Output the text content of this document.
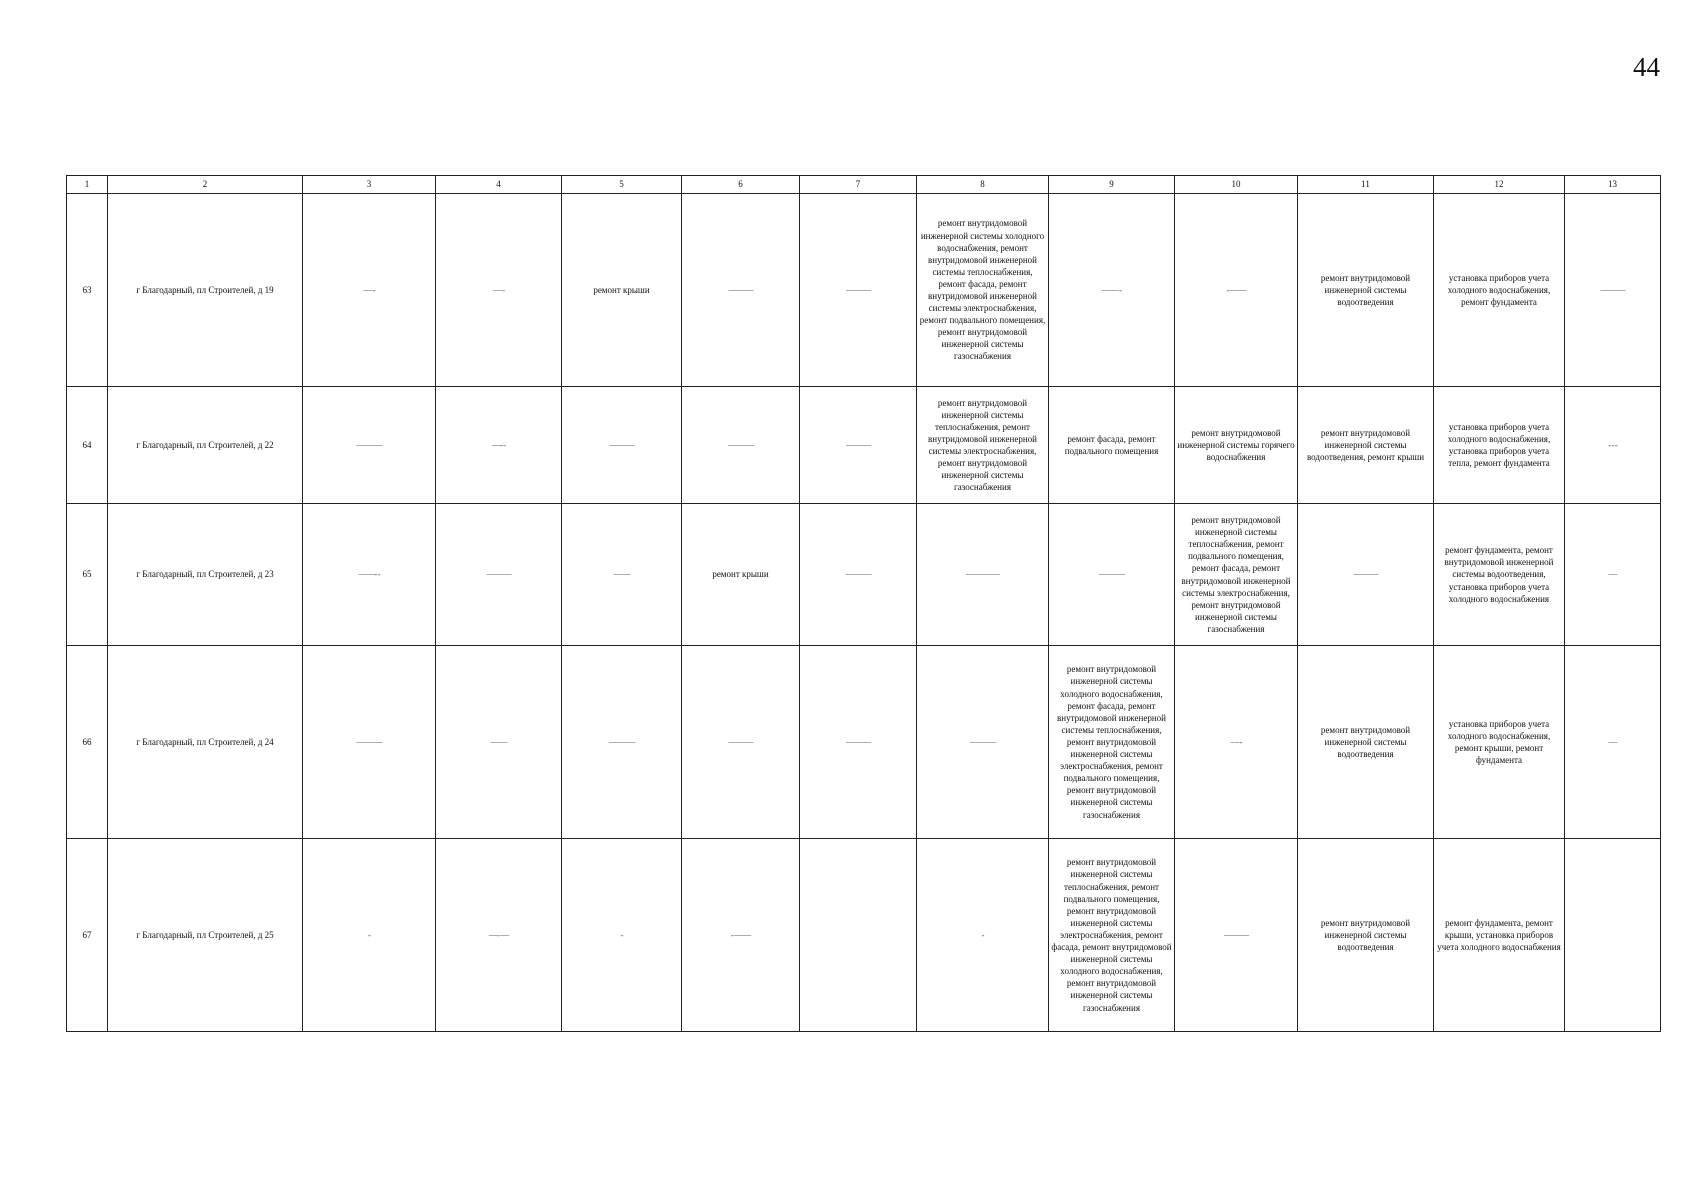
44
1	2	3	4	5	6	7	8	9	10	11	12	13
63	г Благодарный, пл Строителей, д 19	— -	— -	ремонт крыши	———	———	ремонт внутридомовой инженерной системы холодного водоснабжения, ремонт внутридомовой инженерной системы теплоснабжения, ремонт фасада, ремонт внутридомовой инженерной системы электроснабжения, ремонт подвального помещения, ремонт внутридомовой инженерной системы газоснабжения	—— -	- ——	ремонт внутридомовой инженерной системы водоотведения	установка приборов учета холодного водоснабжения, ремонт фундамента	———
64	г Благодарный, пл Строителей, д 22	— ——	—- -	———	— ——	———	ремонт внутридомовой инженерной системы теплоснабжения, ремонт внутридомовой инженерной системы электроснабжения, ремонт внутридомовой инженерной системы газоснабжения	ремонт фасада, ремонт подвального помещения	ремонт внутридомовой инженерной системы горячего водоснабжения	ремонт внутридомовой инженерной системы водоотведения, ремонт крыши	установка приборов учета холодного водоснабжения, установка приборов учета тепла, ремонт фундамента	- - -
65	г Благодарный, пл Строителей, д 23	——- -	———	——	ремонт крыши	— ——	—— ——	— ——	ремонт внутридомовой инженерной системы теплоснабжения, ремонт подвального помещения, ремонт фасада, ремонт внутридомовой инженерной системы электроснабжения, ремонт внутридомовой инженерной системы газоснабжения	———	ремонт фундамента, ремонт внутридомовой инженерной системы водоотведения, установка приборов учета холодного водоснабжения	—
66	г Благодарный, пл Строителей, д 24	— ——	——	— ——	———	———	— ——	ремонт внутридомовой инженерной системы холодного водоснабжения, ремонт фасада, ремонт внутридомовой инженерной системы теплоснабжения, ремонт внутридомовой инженерной системы электроснабжения, ремонт подвального помещения, ремонт внутридомовой инженерной системы газоснабжения	— -	ремонт внутридомовой инженерной системы водоотведения	установка приборов учета холодного водоснабжения, ремонт крыши, ремонт фундамента	—
67	г Благодарный, пл Строителей, д 25	-	—- —	-	- ——		-	ремонт внутридомовой инженерной системы теплоснабжения, ремонт подвального помещения, ремонт внутридомовой инженерной системы электроснабжения, ремонт фасада, ремонт внутридомовой инженерной системы холодного водоснабжения, ремонт внутридомовой инженерной системы газоснабжения	———	ремонт внутридомовой инженерной системы водоотведения	ремонт фундамента, ремонт крыши, установка приборов учета холодного водоснабжения	
